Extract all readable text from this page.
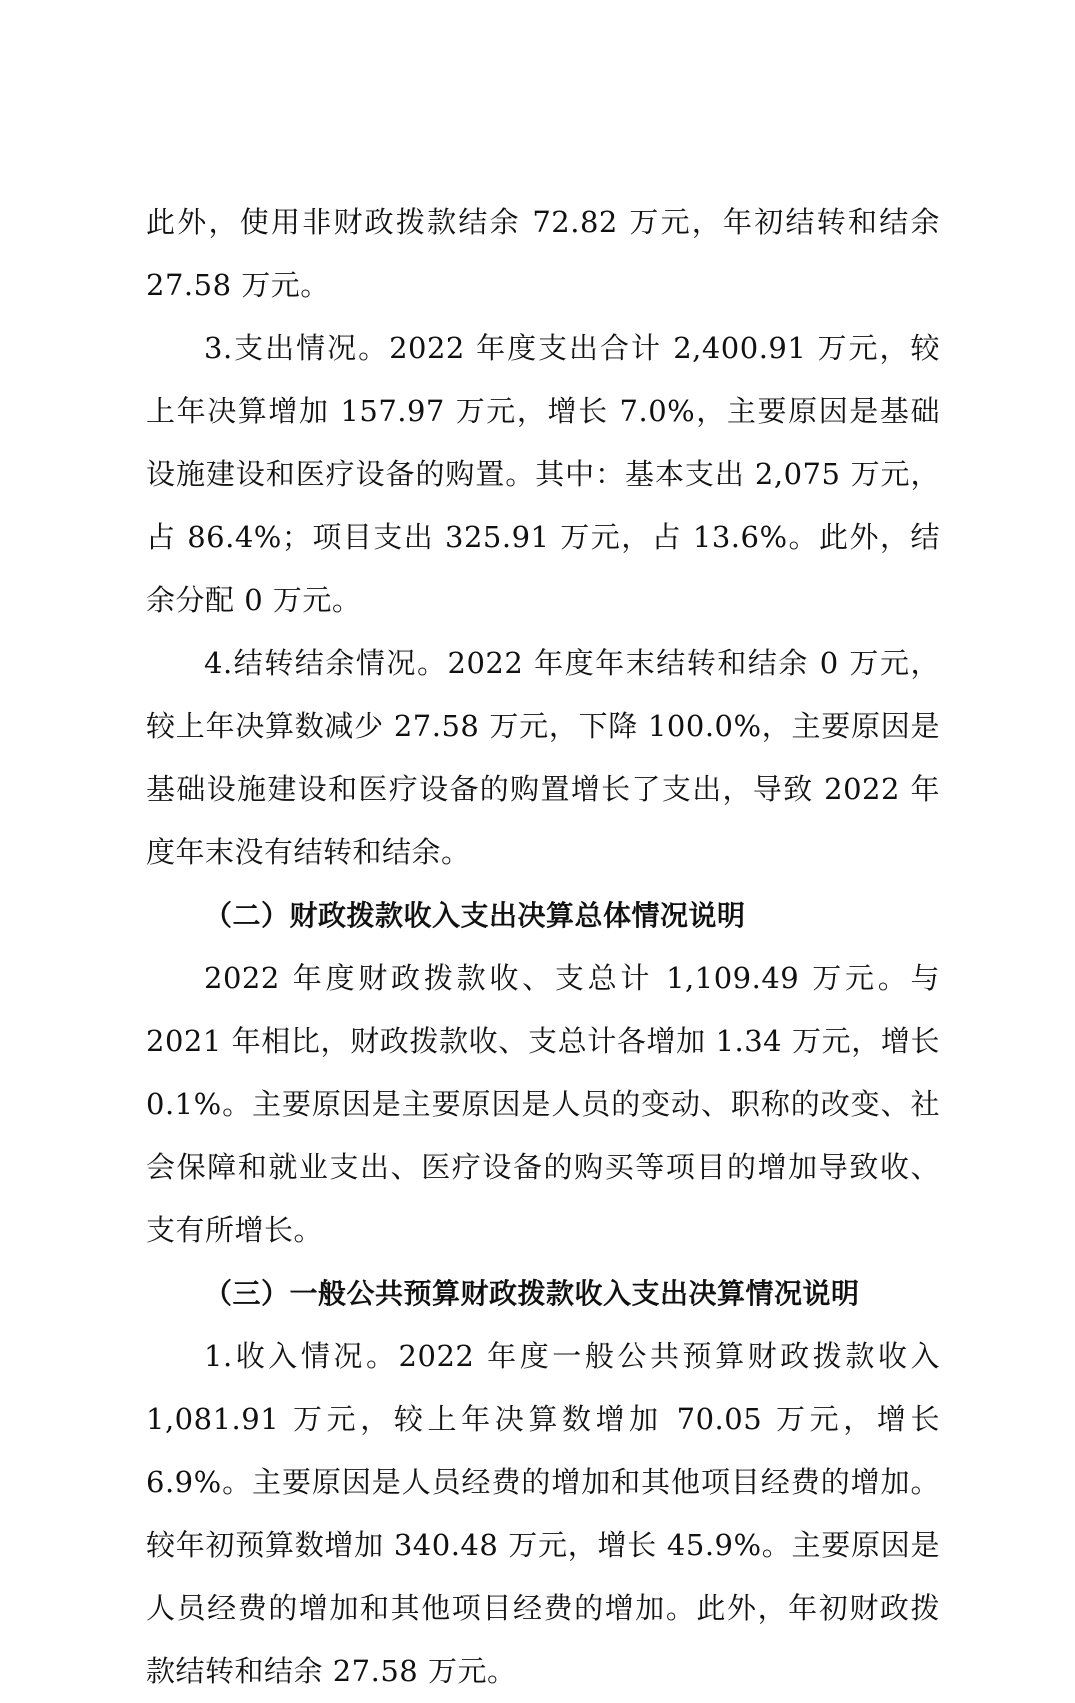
此外，使用非财政拨款结余 72.82 万元，年初结转和结余 27.58 万元。

3.支出情况。2022 年度支出合计 2,400.91 万元，较上年决算增加 157.97 万元，增长 7.0%，主要原因是基础设施建设和医疗设备的购置。其中：基本支出 2,075 万元，占 86.4%；项目支出 325.91 万元，占 13.6%。此外，结余分配 0 万元。

4.结转结余情况。2022 年度年末结转和结余 0 万元，较上年决算数减少 27.58 万元，下降 100.0%，主要原因是基础设施建设和医疗设备的购置增长了支出，导致 2022 年度年末没有结转和结余。

（二）财政拨款收入支出决算总体情况说明

2022 年度财政拨款收、支总计 1,109.49 万元。与 2021 年相比，财政拨款收、支总计各增加 1.34 万元，增长 0.1%。主要原因是主要原因是人员的变动、职称的改变、社会保障和就业支出、医疗设备的购买等项目的增加导致收、支有所增长。

（三）一般公共预算财政拨款收入支出决算情况说明

1.收入情况。2022 年度一般公共预算财政拨款收入 1,081.91 万元，较上年决算数增加 70.05 万元，增长 6.9%。主要原因是人员经费的增加和其他项目经费的增加。较年初预算数增加 340.48 万元，增长 45.9%。主要原因是人员经费的增加和其他项目经费的增加。此外，年初财政拨款结转和结余 27.58 万元。
